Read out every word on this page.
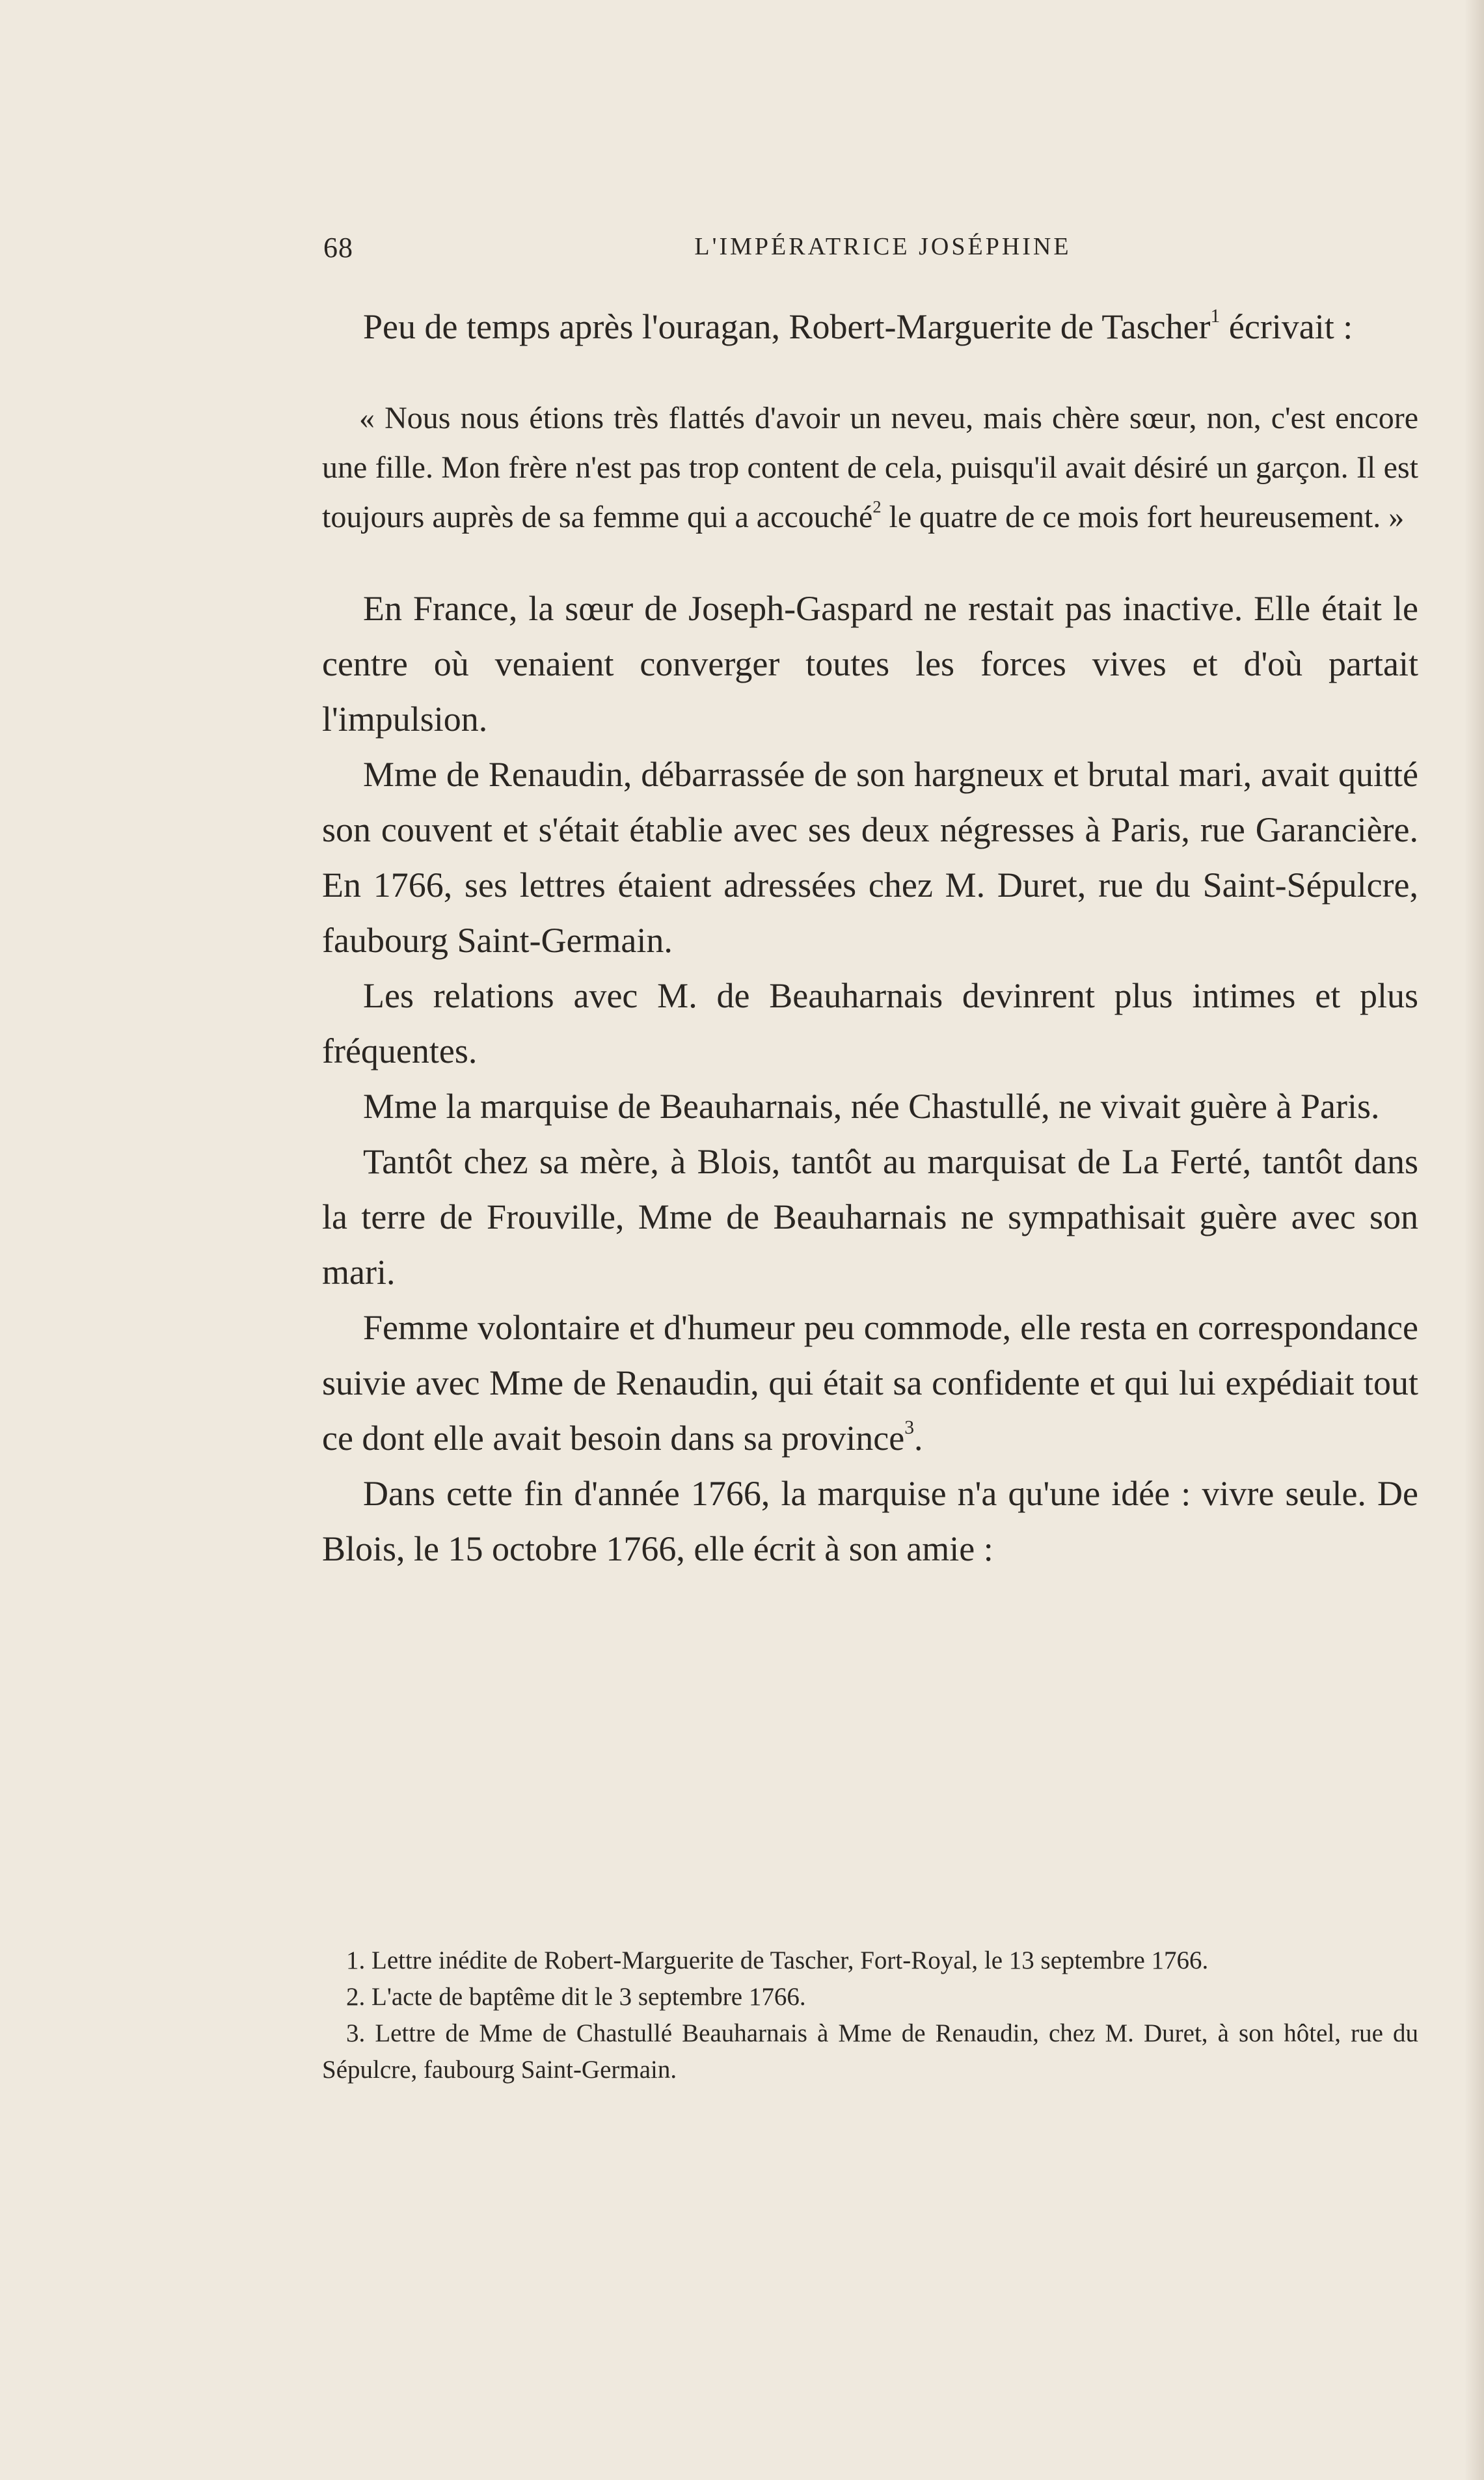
68	L'IMPÉRATRICE JOSÉPHINE

Peu de temps après l'ouragan, Robert-Marguerite de Tascher$^1$ écrivait :

« Nous nous étions très flattés d'avoir un neveu, mais chère sœur, non, c'est encore une fille. Mon frère n'est pas trop content de cela, puisqu'il avait désiré un garçon. Il est toujours auprès de sa femme qui a accouché$^2$ le quatre de ce mois fort heureusement. »

En France, la sœur de Joseph-Gaspard ne restait pas inactive. Elle était le centre où venaient converger toutes les forces vives et d'où partait l'impulsion.

Mme de Renaudin, débarrassée de son hargneux et brutal mari, avait quitté son couvent et s'était établie avec ses deux négresses à Paris, rue Garancière. En 1766, ses lettres étaient adressées chez M. Duret, rue du Saint-Sépulcre, faubourg Saint-Germain.

Les relations avec M. de Beauharnais devinrent plus intimes et plus fréquentes.

Mme la marquise de Beauharnais, née Chastullé, ne vivait guère à Paris.

Tantôt chez sa mère, à Blois, tantôt au marquisat de La Ferté, tantôt dans la terre de Frouville, Mme de Beauharnais ne sympathisait guère avec son mari.

Femme volontaire et d'humeur peu commode, elle resta en correspondance suivie avec Mme de Renaudin, qui était sa confidente et qui lui expédiait tout ce dont elle avait besoin dans sa province$^3$.

Dans cette fin d'année 1766, la marquise n'a qu'une idée : vivre seule. De Blois, le 15 octobre 1766, elle écrit à son amie :

1. Lettre inédite de Robert-Marguerite de Tascher, Fort-Royal, le 13 septembre 1766.

2. L'acte de baptême dit le 3 septembre 1766.

3. Lettre de Mme de Chastullé Beauharnais à Mme de Renaudin, chez M. Duret, à son hôtel, rue du Sépulcre, faubourg Saint-Germain.
